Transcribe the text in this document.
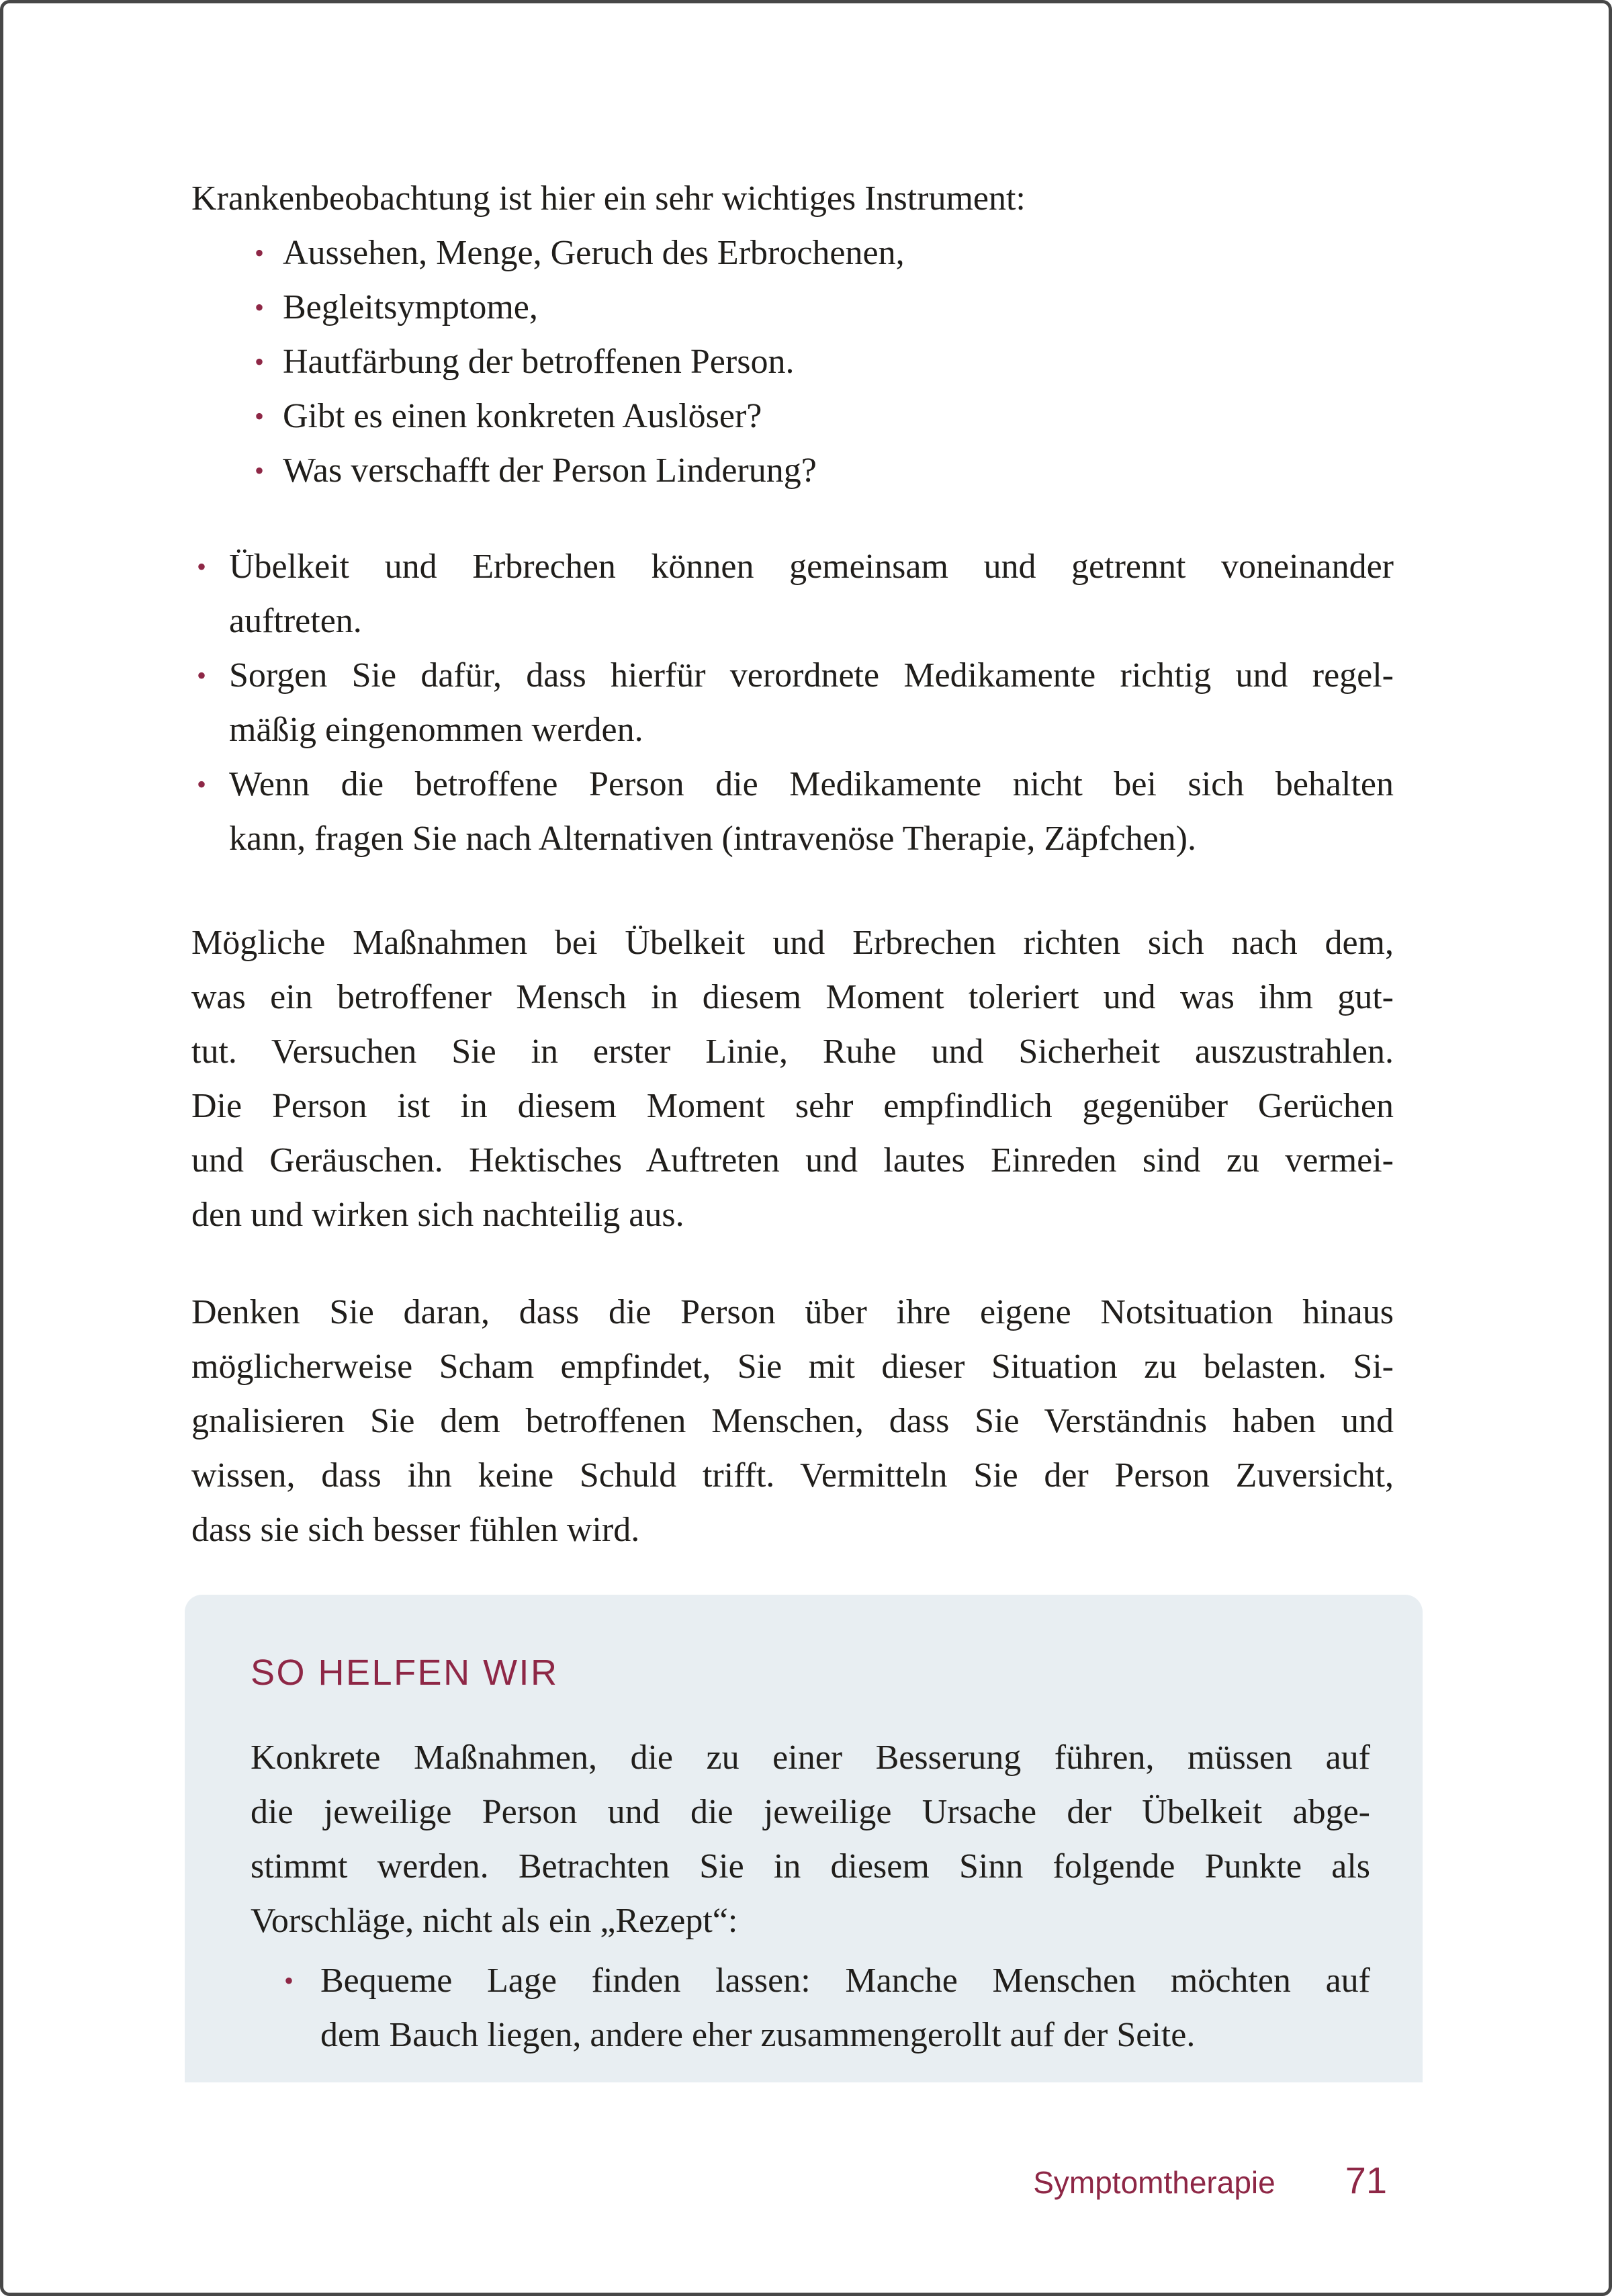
Krankenbeobachtung ist hier ein sehr wichtiges Instrument:

• Aussehen, Menge, Geruch des Erbrochenen,
• Begleitsymptome,
• Hautfärbung der betroffenen Person.
• Gibt es einen konkreten Auslöser?
• Was verschafft der Person Linderung?
• Übelkeit und Erbrechen können gemeinsam und getrennt voneinander
auftreten.
• Sorgen Sie dafür, dass hierfür verordnete Medikamente richtig und regel-
mäßig eingenommen werden.
• Wenn die betroffene Person die Medikamente nicht bei sich behalten
kann, fragen Sie nach Alternativen (intravenöse Therapie, Zäpfchen).
Mögliche Maßnahmen bei Übelkeit und Erbrechen richten sich nach dem,
was ein betroffener Mensch in diesem Moment toleriert und was ihm gut-
tut. Versuchen Sie in erster Linie, Ruhe und Sicherheit auszustrahlen.
Die Person ist in diesem Moment sehr empfindlich gegenüber Gerüchen
und Geräuschen. Hektisches Auftreten und lautes Einreden sind zu vermei-
den und wirken sich nachteilig aus.
Denken Sie daran, dass die Person über ihre eigene Notsituation hinaus
möglicherweise Scham empfindet, Sie mit dieser Situation zu belasten. Si-
gnalisieren Sie dem betroffenen Menschen, dass Sie Verständnis haben und
wissen, dass ihn keine Schuld trifft. Vermitteln Sie der Person Zuversicht,
dass sie sich besser fühlen wird.
SO HELFEN WIR
Konkrete Maßnahmen, die zu einer Besserung führen, müssen auf
die jeweilige Person und die jeweilige Ursache der Übelkeit abge-
stimmt werden. Betrachten Sie in diesem Sinn folgende Punkte als
Vorschläge, nicht als ein „Rezept“:
• Bequeme Lage finden lassen: Manche Menschen möchten auf
dem Bauch liegen, andere eher zusammengerollt auf der Seite.
Symptomtherapie 71
